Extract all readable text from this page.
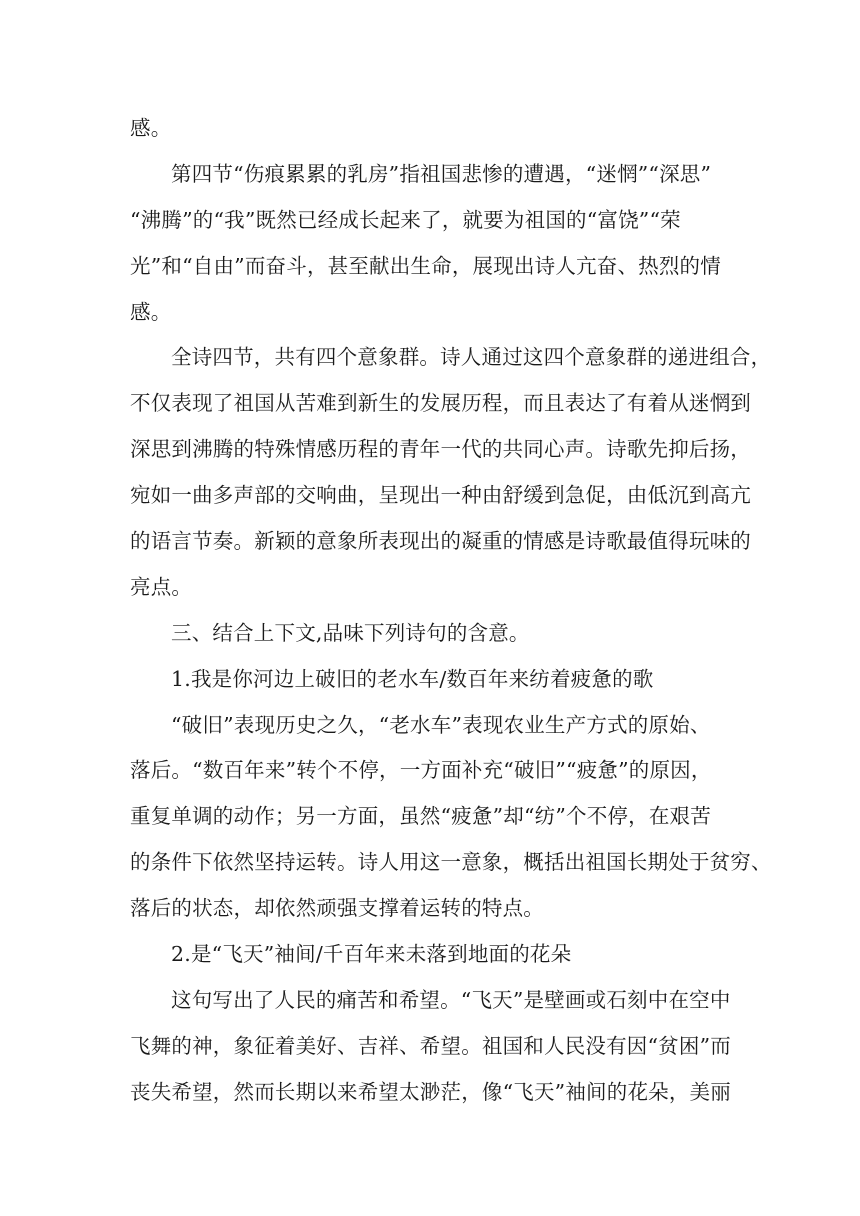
感。
第四节“伤痕累累的乳房”指祖国悲惨的遭遇，“迷惘”“深思”
“沸腾”的“我”既然已经成长起来了，就要为祖国的“富饶”“荣
光”和“自由”而奋斗，甚至献出生命，展现出诗人亢奋、热烈的情
感。
全诗四节，共有四个意象群。诗人通过这四个意象群的递进组合，
不仅表现了祖国从苦难到新生的发展历程，而且表达了有着从迷惘到
深思到沸腾的特殊情感历程的青年一代的共同心声。诗歌先抑后扬，
宛如一曲多声部的交响曲，呈现出一种由舒缓到急促，由低沉到高亢
的语言节奏。新颖的意象所表现出的凝重的情感是诗歌最值得玩味的
亮点。
三、结合上下文,品味下列诗句的含意。
1.我是你河边上破旧的老水车/数百年来纺着疲惫的歌
“破旧”表现历史之久，“老水车”表现农业生产方式的原始、
落后。“数百年来”转个不停，一方面补充“破旧”“疲惫”的原因，
重复单调的动作；另一方面，虽然“疲惫”却“纺”个不停，在艰苦
的条件下依然坚持运转。诗人用这一意象，概括出祖国长期处于贫穷、
落后的状态，却依然顽强支撑着运转的特点。
2.是“飞天”袖间/千百年来未落到地面的花朵
这句写出了人民的痛苦和希望。“飞天”是壁画或石刻中在空中
飞舞的神，象征着美好、吉祥、希望。祖国和人民没有因“贫困”而
丧失希望，然而长期以来希望太渺茫，像“飞天”袖间的花朵，美丽
